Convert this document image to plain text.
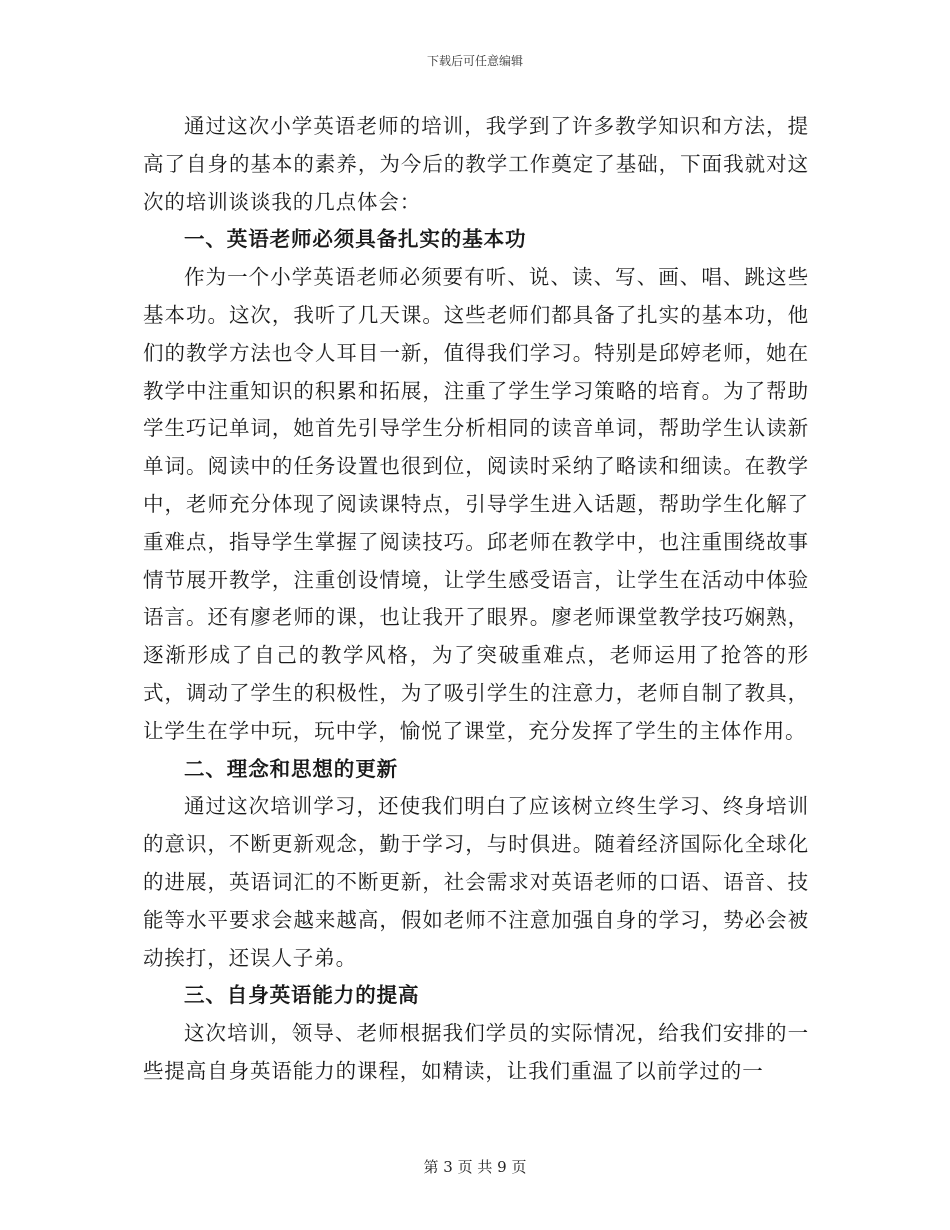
下载后可任意编辑

通过这次小学英语老师的培训，我学到了许多教学知识和方法，提高了自身的基本的素养，为今后的教学工作奠定了基础，下面我就对这次的培训谈谈我的几点体会：

一、英语老师必须具备扎实的基本功

作为一个小学英语老师必须要有听、说、读、写、画、唱、跳这些基本功。这次，我听了几天课。这些老师们都具备了扎实的基本功，他们的教学方法也令人耳目一新，值得我们学习。特别是邱婷老师，她在教学中注重知识的积累和拓展，注重了学生学习策略的培育。为了帮助学生巧记单词，她首先引导学生分析相同的读音单词，帮助学生认读新单词。阅读中的任务设置也很到位，阅读时采纳了略读和细读。在教学中，老师充分体现了阅读课特点，引导学生进入话题，帮助学生化解了重难点，指导学生掌握了阅读技巧。邱老师在教学中，也注重围绕故事情节展开教学，注重创设情境，让学生感受语言，让学生在活动中体验语言。还有廖老师的课，也让我开了眼界。廖老师课堂教学技巧娴熟，逐渐形成了自己的教学风格，为了突破重难点，老师运用了抢答的形式，调动了学生的积极性，为了吸引学生的注意力，老师自制了教具，让学生在学中玩，玩中学，愉悦了课堂，充分发挥了学生的主体作用。

二、理念和思想的更新

通过这次培训学习，还使我们明白了应该树立终生学习、终身培训的意识，不断更新观念，勤于学习，与时俱进。随着经济国际化全球化的进展，英语词汇的不断更新，社会需求对英语老师的口语、语音、技能等水平要求会越来越高，假如老师不注意加强自身的学习，势必会被动挨打，还误人子弟。

三、自身英语能力的提高

这次培训，领导、老师根据我们学员的实际情况，给我们安排的一些提高自身英语能力的课程，如精读，让我们重温了以前学过的一

第 3 页 共 9 页
